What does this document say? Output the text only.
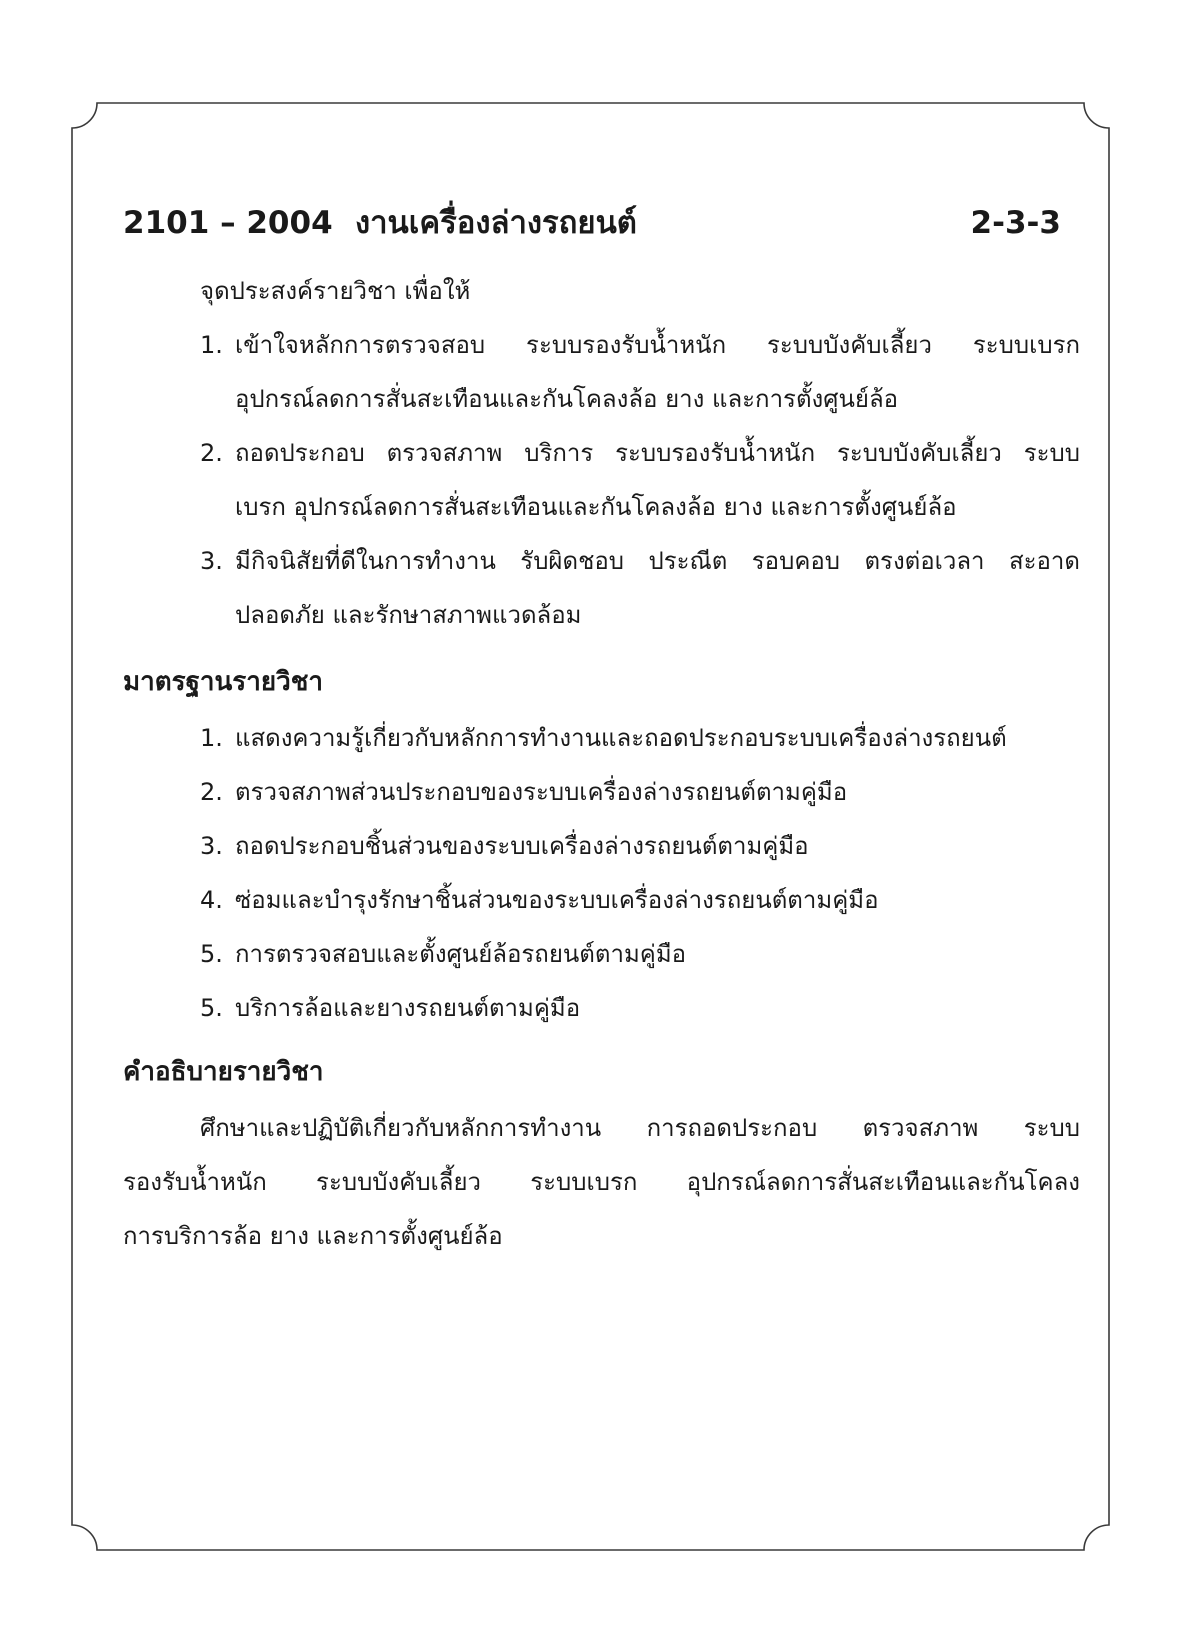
2101 – 2004 งานเครื่องล่างรถยนต์	2-3-3
จุดประสงค์รายวิชา เพื่อให้
1. เข้าใจหลักการตรวจสอบ ระบบรองรับน้ำหนัก ระบบบังคับเลี้ยว ระบบเบรก
อุปกรณ์ลดการสั่นสะเทือนและกันโคลงล้อ ยาง และการตั้งศูนย์ล้อ
2. ถอดประกอบ ตรวจสภาพ บริการ ระบบรองรับน้ำหนัก ระบบบังคับเลี้ยว ระบบ
เบรก อุปกรณ์ลดการสั่นสะเทือนและกันโคลงล้อ ยาง และการตั้งศูนย์ล้อ
3. มีกิจนิสัยที่ดีในการทำงาน รับผิดชอบ ประณีต รอบคอบ ตรงต่อเวลา สะอาด
ปลอดภัย และรักษาสภาพแวดล้อม
มาตรฐานรายวิชา
1. แสดงความรู้เกี่ยวกับหลักการทำงานและถอดประกอบระบบเครื่องล่างรถยนต์
2. ตรวจสภาพส่วนประกอบของระบบเครื่องล่างรถยนต์ตามคู่มือ
3. ถอดประกอบชิ้นส่วนของระบบเครื่องล่างรถยนต์ตามคู่มือ
4. ซ่อมและบำรุงรักษาชิ้นส่วนของระบบเครื่องล่างรถยนต์ตามคู่มือ
5. การตรวจสอบและตั้งศูนย์ล้อรถยนต์ตามคู่มือ
5. บริการล้อและยางรถยนต์ตามคู่มือ
คำอธิบายรายวิชา
ศึกษาและปฏิบัติเกี่ยวกับหลักการทำงาน การถอดประกอบ ตรวจสภาพ ระบบ
รองรับน้ำหนัก ระบบบังคับเลี้ยว ระบบเบรก อุปกรณ์ลดการสั่นสะเทือนและกันโคลง
การบริการล้อ ยาง และการตั้งศูนย์ล้อ
